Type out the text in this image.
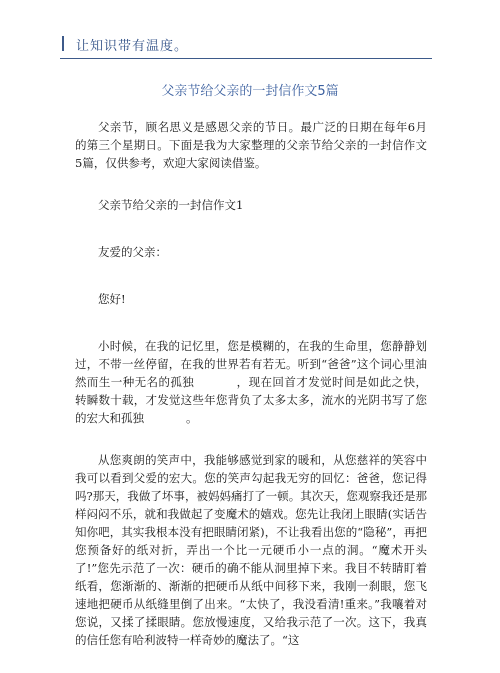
让知识带有温度。
父亲节给父亲的一封信作文5篇

父亲节，顾名思义是感恩父亲的节日。最广泛的日期在每年6月的第三个星期日。下面是我为大家整理的父亲节给父亲的一封信作文5篇，仅供参考，欢迎大家阅读借鉴。

父亲节给父亲的一封信作文1

友爱的父亲：

您好!

小时候，在我的记忆里，您是模糊的，在我的生命里，您静静划过，不带一丝停留，在我的世界若有若无。听到“爸爸”这个词心里油然而生一种无名的孤独	，现在回首才发觉时间是如此之快，转瞬数十载，才发觉这些年您背负了太多太多，流水的光阴书写了您的宏大和孤独	。

从您爽朗的笑声中，我能够感觉到家的暖和，从您慈祥的笑容中我可以看到父爱的宏大。您的笑声勾起我无穷的回忆：爸爸，您记得吗?那天，我做了坏事，被妈妈痛打了一顿。其次天，您观察我还是那样闷闷不乐，就和我做起了变魔术的嬉戏。您先让我闭上眼睛(实话告知你吧，其实我根本没有把眼睛闭紧)，不让我看出您的“隐秘”，再把您预备好的纸对折，弄出一个比一元硬币小一点的洞。“魔术开头了!”您先示范了一次：硬币的确不能从洞里掉下来。我目不转睛盯着纸看，您渐渐的、渐渐的把硬币从纸中间移下来，我刚一刹眼，您飞速地把硬币从纸缝里倒了出来。“太快了，我没看清!重来。”我嚷着对您说，又揉了揉眼睛。您放慢速度，又给我示范了一次。这下，我真的信任您有哈利波特一样奇妙的魔法了。“这
